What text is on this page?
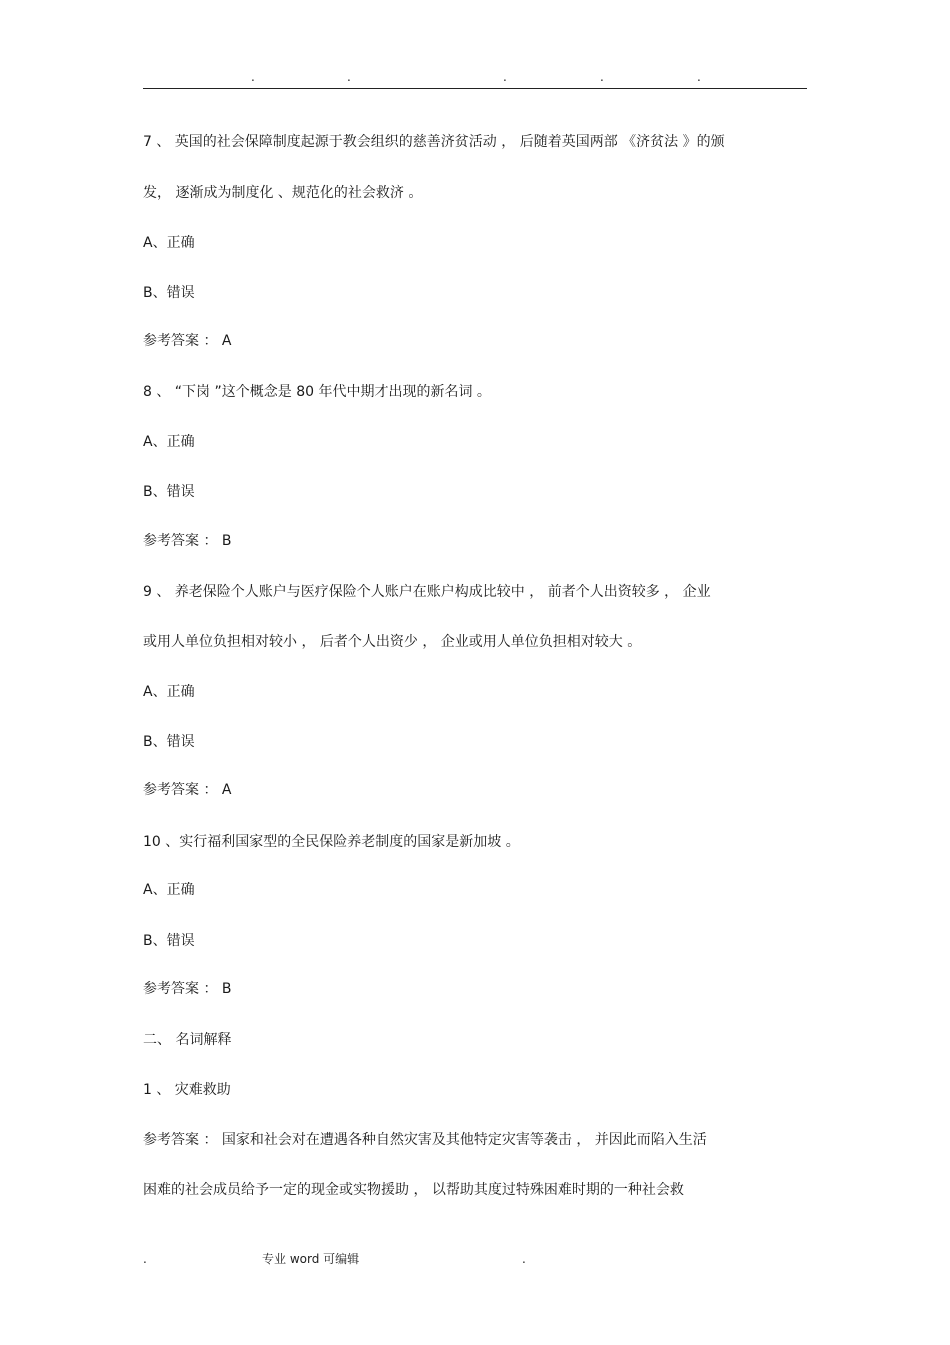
.	.	.	.	.
7 、 英国的社会保障制度起源于教会组织的慈善济贫活动 ， 后随着英国两部 《济贫法 》的颁
发， 逐渐成为制度化 、规范化的社会救济 。
A、正确
B、错误
参考答案 ： A
8 、 “下岗 ”这个概念是 80 年代中期才出现的新名词 。
A、正确
B、错误
参考答案 ： B
9 、 养老保险个人账户与医疗保险个人账户在账户构成比较中 ， 前者个人出资较多 ， 企业
或用人单位负担相对较小 ， 后者个人出资少 ， 企业或用人单位负担相对较大 。
A、正确
B、错误
参考答案 ： A
10 、实行福利国家型的全民保险养老制度的国家是新加坡 。
A、正确
B、错误
参考答案 ： B
二、 名词解释
1 、 灾难救助
参考答案 ： 国家和社会对在遭遇各种自然灾害及其他特定灾害等袭击 ， 并因此而陷入生活
困难的社会成员给予一定的现金或实物援助 ， 以帮助其度过特殊困难时期的一种社会救
.	专业 word 可编辑	.
